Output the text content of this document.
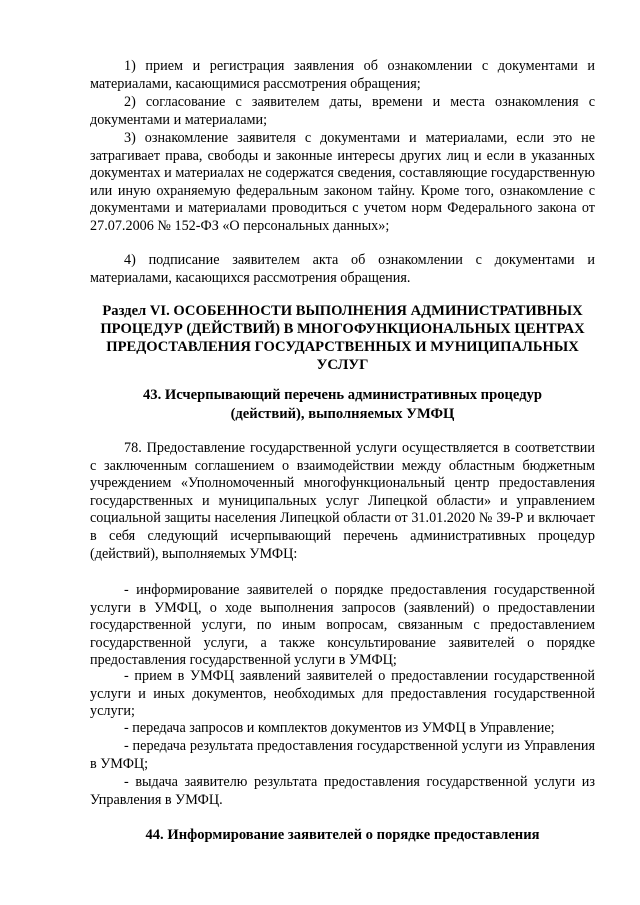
1) прием и регистрация заявления об ознакомлении с документами и материалами, касающимися рассмотрения обращения;

2) согласование с заявителем даты, времени и места ознакомления с документами и материалами;

3) ознакомление заявителя с документами и материалами, если это не затрагивает права, свободы и законные интересы других лиц и если в указанных документах и материалах не содержатся сведения, составляющие государственную или иную охраняемую федеральным законом тайну. Кроме того, ознакомление с документами и материалами проводиться с учетом норм Федерального закона от 27.07.2006 № 152-ФЗ «О персональных данных»;

4) подписание заявителем акта об ознакомлении с документами и материалами, касающихся рассмотрения обращения.

Раздел VI. ОСОБЕННОСТИ ВЫПОЛНЕНИЯ АДМИНИСТРАТИВНЫХ ПРОЦЕДУР (ДЕЙСТВИЙ) В МНОГОФУНКЦИОНАЛЬНЫХ ЦЕНТРАХ ПРЕДОСТАВЛЕНИЯ ГОСУДАРСТВЕННЫХ И МУНИЦИПАЛЬНЫХ УСЛУГ

43. Исчерпывающий перечень административных процедур (действий), выполняемых УМФЦ

78. Предоставление государственной услуги осуществляется в соответствии с заключенным соглашением о взаимодействии между областным бюджетным учреждением «Уполномоченный многофункциональный центр предоставления государственных и муниципальных услуг Липецкой области» и управлением социальной защиты населения Липецкой области от 31.01.2020 № 39-Р и включает в себя следующий исчерпывающий перечень административных процедур (действий), выполняемых УМФЦ:

- информирование заявителей о порядке предоставления государственной услуги в УМФЦ, о ходе выполнения запросов (заявлений) о предоставлении государственной услуги, по иным вопросам, связанным с предоставлением государственной услуги, а также консультирование заявителей о порядке предоставления государственной услуги в УМФЦ;

- прием в УМФЦ заявлений заявителей о предоставлении государственной услуги и иных документов, необходимых для предоставления государственной услуги;

- передача запросов и комплектов документов из УМФЦ в Управление;

- передача результата предоставления государственной услуги из Управления в УМФЦ;

- выдача заявителю результата предоставления государственной услуги из Управления в УМФЦ.

44. Информирование заявителей о порядке предоставления
